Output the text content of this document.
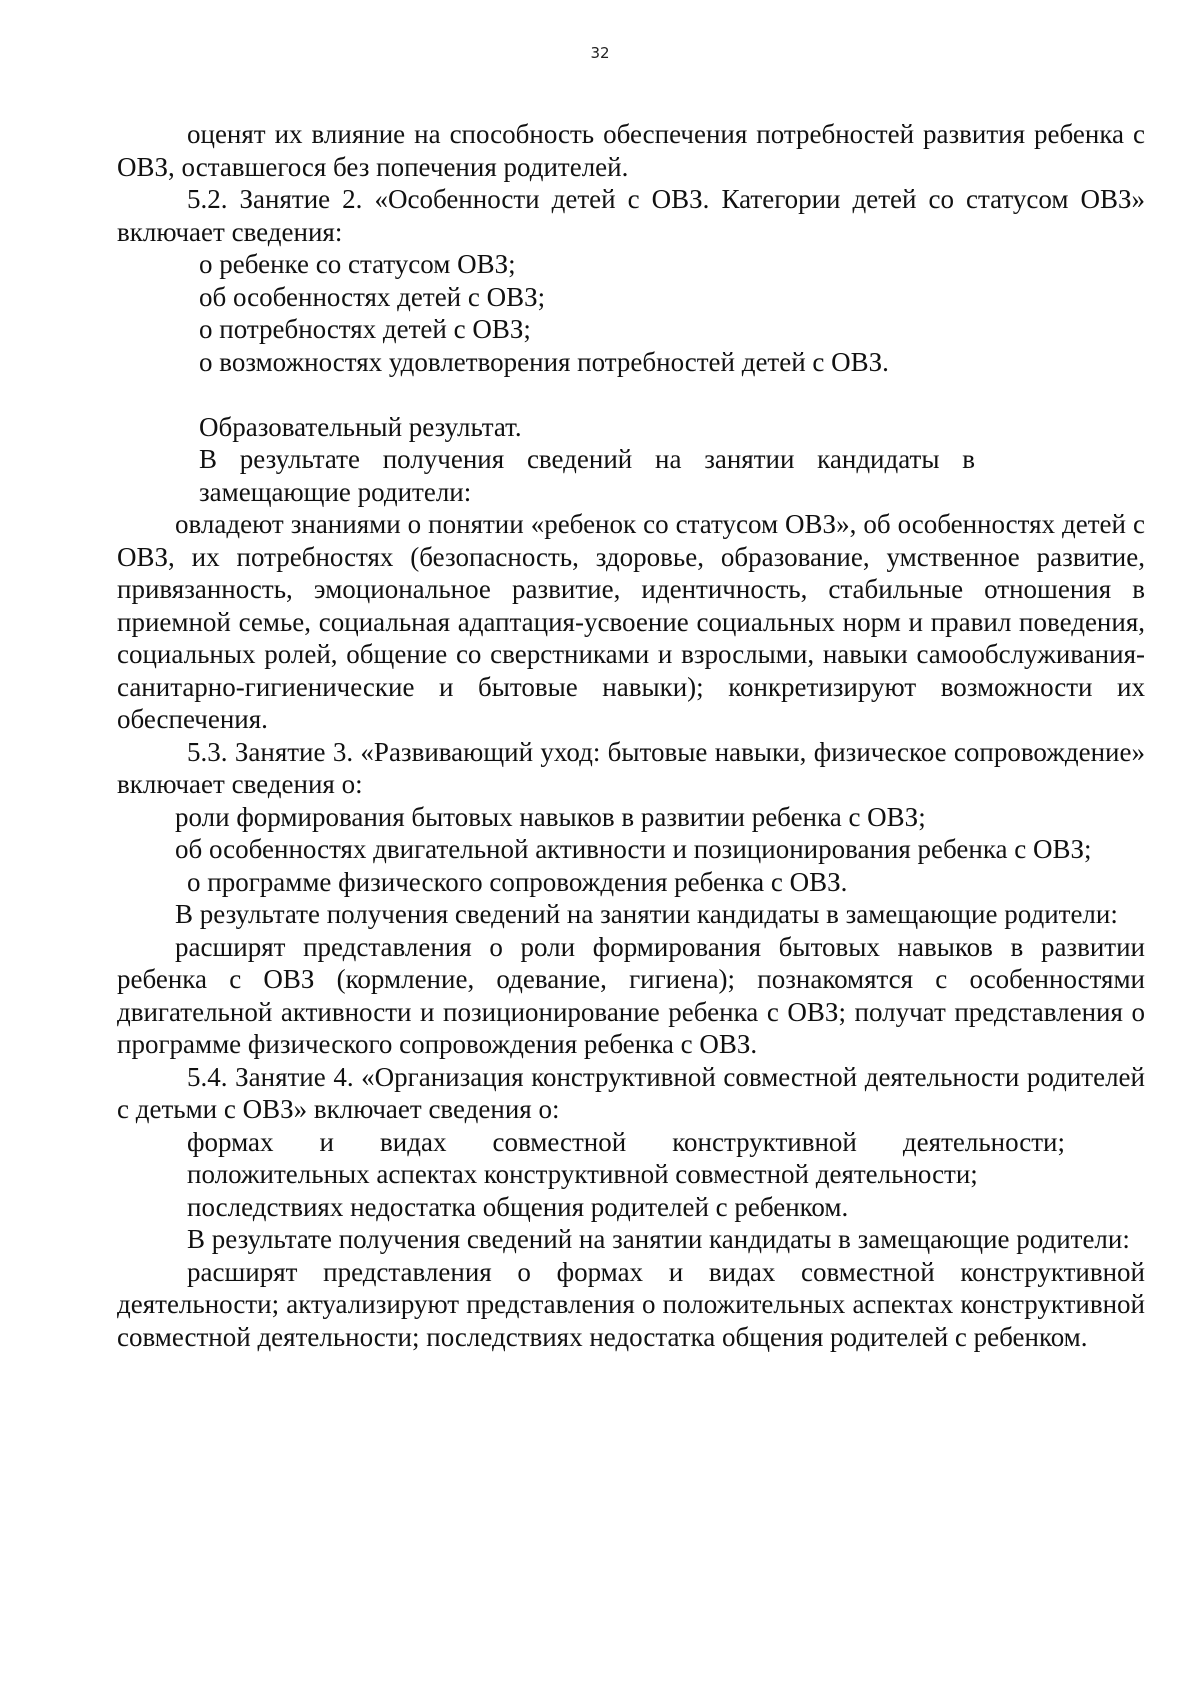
32

оценят их влияние на способность обеспечения потребностей развития ребенка с ОВЗ, оставшегося без попечения родителей.

5.2. Занятие 2. «Особенности детей с ОВЗ. Категории детей со статусом ОВЗ» включает сведения:

о ребенке со статусом ОВЗ;

об особенностях детей с ОВЗ;

о потребностях детей с ОВЗ;

о возможностях удовлетворения потребностей детей с ОВЗ.

Образовательный результат.

В результате получения сведений на занятии кандидаты в

замещающие родители:

овладеют знаниями о понятии «ребенок со статусом ОВЗ», об особенностях детей с ОВЗ, их потребностях (безопасность, здоровье, образование, умственное развитие, привязанность, эмоциональное развитие, идентичность, стабильные отношения в приемной семье, социальная адаптация-усвоение социальных норм и правил поведения, социальных ролей, общение со сверстниками и взрослыми, навыки самообслуживания-санитарно-гигиенические и бытовые навыки); конкретизируют возможности их обеспечения.

5.3. Занятие 3. «Развивающий уход: бытовые навыки, физическое сопровождение» включает сведения о:

роли формирования бытовых навыков в развитии ребенка с ОВЗ;

об особенностях двигательной активности и позиционирования ребенка с ОВЗ;

о программе физического сопровождения ребенка с ОВЗ.

В результате получения сведений на занятии кандидаты в замещающие родители:

расширят представления о роли формирования бытовых навыков в развитии ребенка с ОВЗ (кормление, одевание, гигиена); познакомятся с особенностями двигательной активности и позиционирование ребенка с ОВЗ; получат представления о программе физического сопровождения ребенка с ОВЗ.

5.4. Занятие 4. «Организация конструктивной совместной деятельности родителей с детьми с ОВЗ» включает сведения о:

формах и видах совместной конструктивной деятельности;

положительных аспектах конструктивной совместной деятельности;

последствиях недостатка общения родителей с ребенком.

В результате получения сведений на занятии кандидаты в замещающие родители:

расширят представления о формах и видах совместной конструктивной деятельности; актуализируют представления о положительных аспектах конструктивной совместной деятельности; последствиях недостатка общения родителей с ребенком.
